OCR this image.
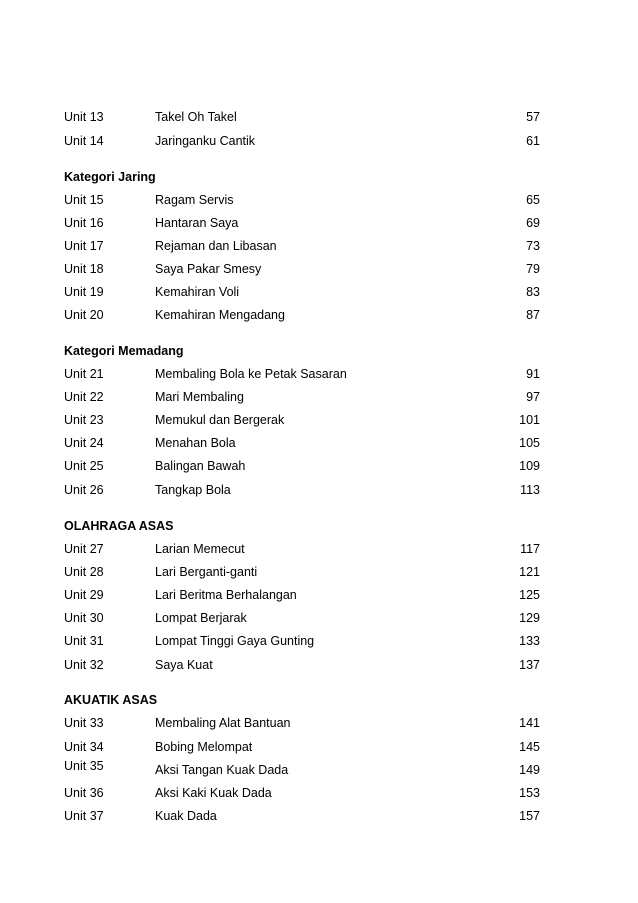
Unit 13	Takel Oh Takel	57
Unit 14	Jaringanku Cantik	61
Kategori Jaring
Unit 15	Ragam Servis	65
Unit 16	Hantaran Saya	69
Unit 17	Rejaman dan Libasan	73
Unit 18	Saya Pakar Smesy	79
Unit 19	Kemahiran Voli	83
Unit 20	Kemahiran Mengadang	87
Kategori Memadang
Unit 21	Membaling Bola ke Petak Sasaran	91
Unit 22	Mari Membaling	97
Unit 23	Memukul dan Bergerak	101
Unit 24	Menahan Bola	105
Unit 25	Balingan Bawah	109
Unit 26	Tangkap Bola	113
OLAHRAGA ASAS
Unit 27	Larian Memecut	117
Unit 28	Lari Berganti-ganti	121
Unit 29	Lari Beritma Berhalangan	125
Unit 30	Lompat Berjarak	129
Unit 31	Lompat Tinggi Gaya Gunting	133
Unit 32	Saya Kuat	137
AKUATIK ASAS
Unit 33	Membaling Alat Bantuan	141
Unit 34	Bobing Melompat	145
Unit 35	Aksi Tangan Kuak Dada	149
Unit 36	Aksi Kaki Kuak Dada	153
Unit 37	Kuak Dada	157
